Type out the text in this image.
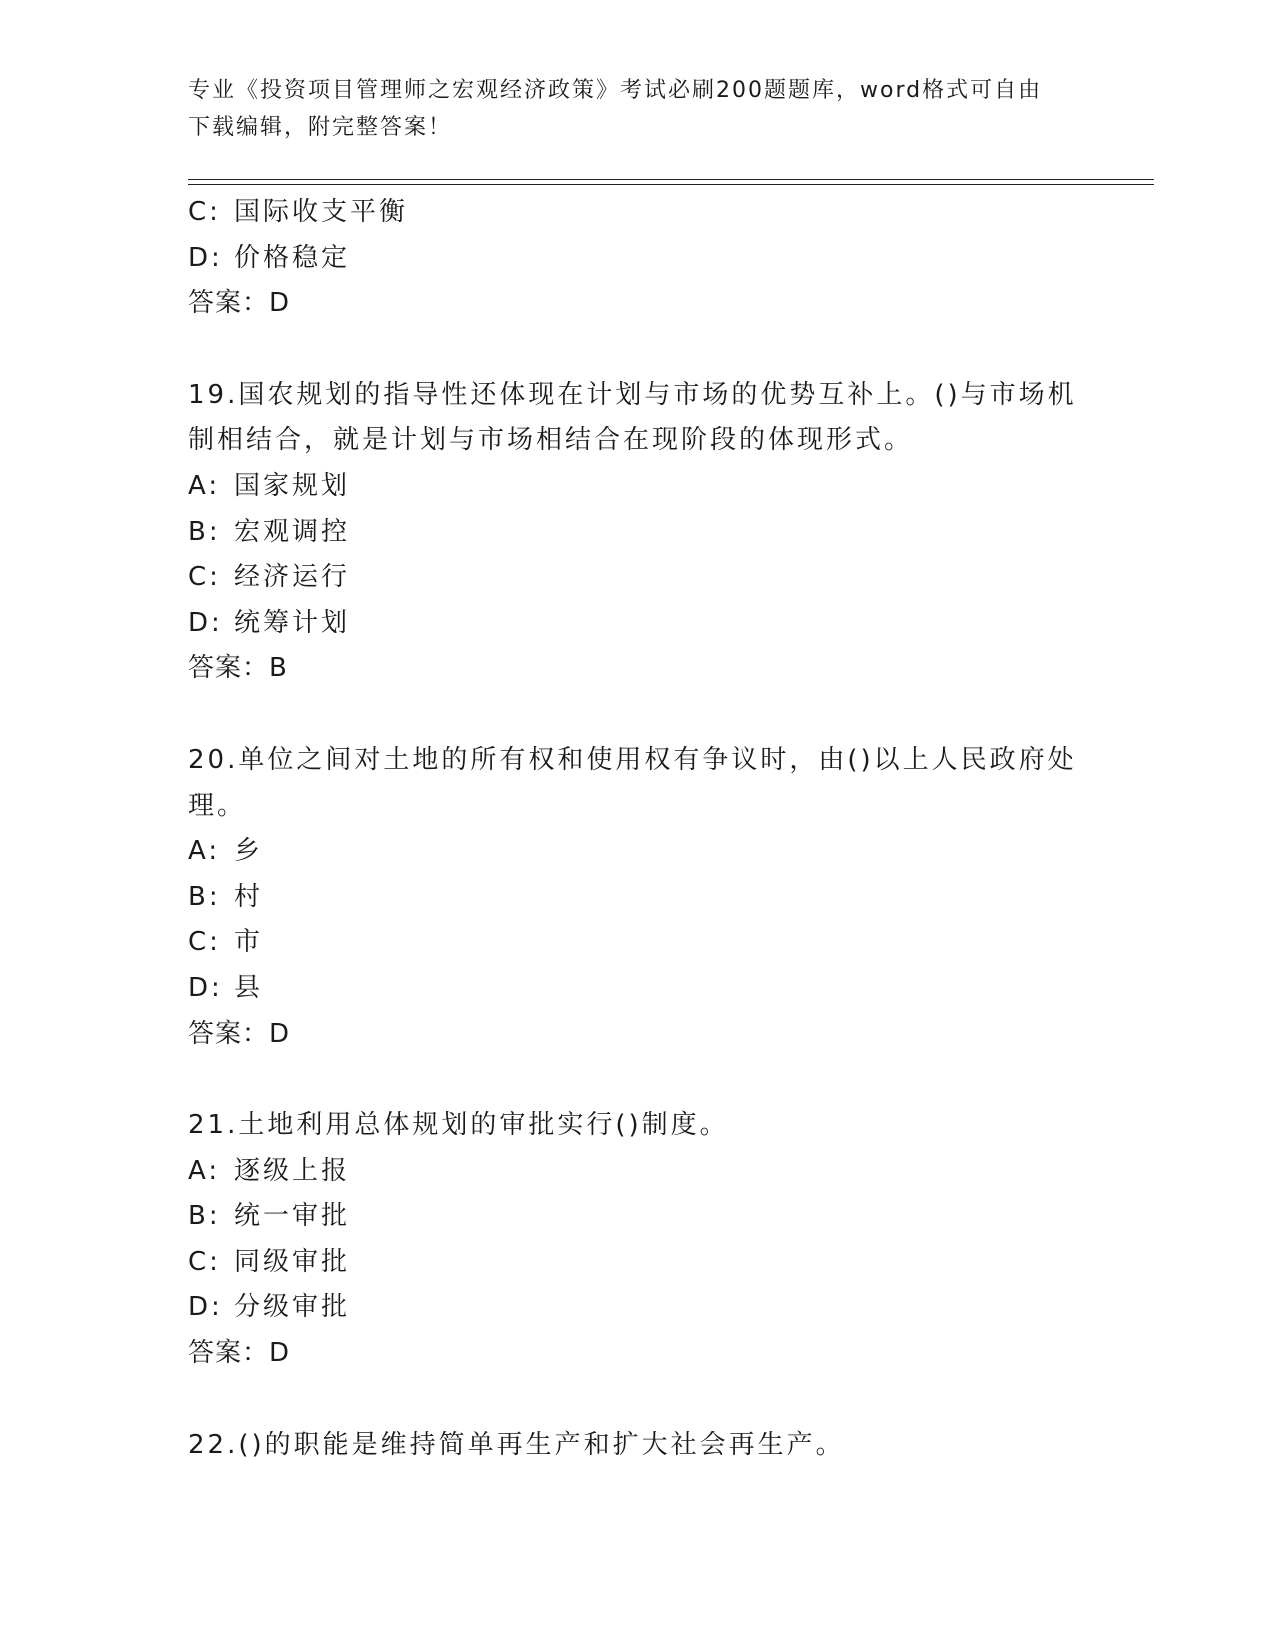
专业《投资项目管理师之宏观经济政策》考试必刷200题题库，word格式可自由
下载编辑，附完整答案！
C: 国际收支平衡
D: 价格稳定
答案：D
19.国农规划的指导性还体现在计划与市场的优势互补上。()与市场机
制相结合，就是计划与市场相结合在现阶段的体现形式。
A: 国家规划
B: 宏观调控
C: 经济运行
D: 统筹计划
答案：B
20.单位之间对土地的所有权和使用权有争议时，由()以上人民政府处
理。
A: 乡
B: 村
C: 市
D: 县
答案：D
21.土地利用总体规划的审批实行()制度。
A: 逐级上报
B: 统一审批
C: 同级审批
D: 分级审批
答案：D
22.()的职能是维持简单再生产和扩大社会再生产。
